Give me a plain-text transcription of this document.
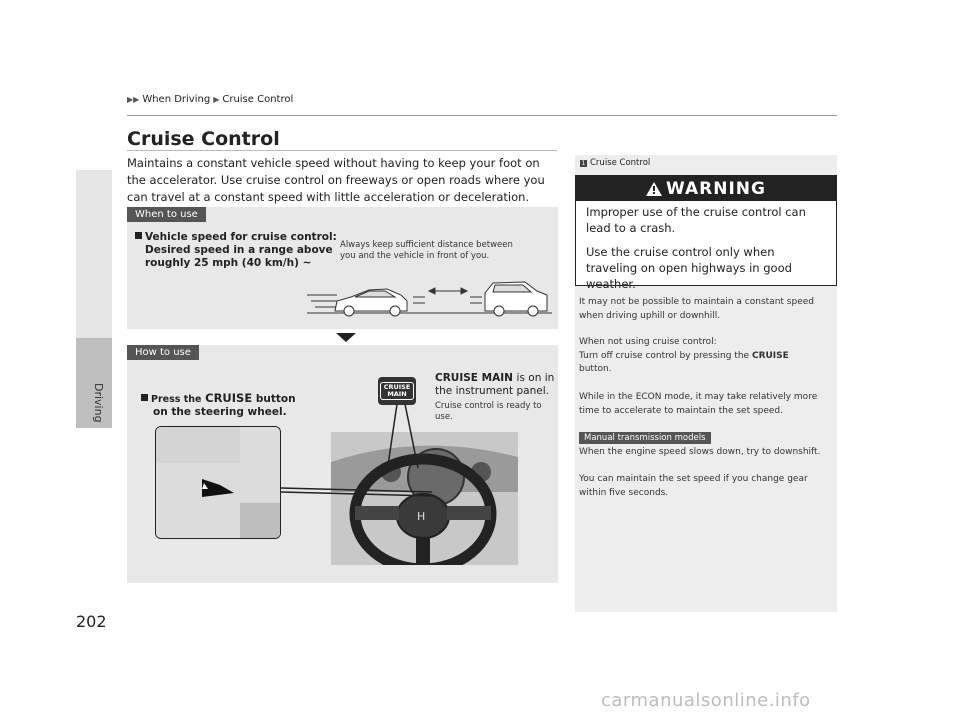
▶▶ When Driving ▶ Cruise Control
Driving
Cruise Control
Maintains a constant vehicle speed without having to keep your foot on the accelerator. Use cruise control on freeways or open roads where you can travel at a constant speed with little acceleration or deceleration.
When to use
Vehicle speed for cruise control:
Desired speed in a range above
roughly 25 mph (40 km/h) ~
Always keep sufficient distance between
you and the vehicle in front of you.
How to use
Press the CRUISE button
on the steering wheel.
CRUISE MAIN is on in
the instrument panel.
Cruise control is ready to
use.
H
CRUISE
MAIN
1 Cruise Control
WARNING

Improper use of the cruise control can lead to a crash.

Use the cruise control only when traveling on open highways in good weather.

It may not be possible to maintain a constant speed when driving uphill or downhill.
When not using cruise control:
Turn off cruise control by pressing the CRUISE
button.
While in the ECON mode, it may take relatively more time to accelerate to maintain the set speed.
Manual transmission models
When the engine speed slows down, try to downshift.
You can maintain the set speed if you change gear within five seconds.
202
carmanualsonline.info
